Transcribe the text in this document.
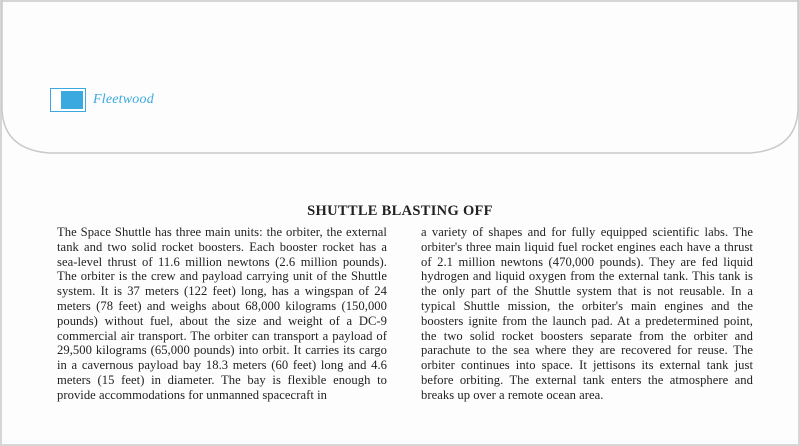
Fleetwood
SHUTTLE BLASTING OFF
The Space Shuttle has three main units: the orbiter, the external tank and two solid rocket boosters. Each booster rocket has a sea-level thrust of 11.6 million newtons (2.6 million pounds). The orbiter is the crew and payload carrying unit of the Shuttle system. It is 37 meters (122 feet) long, has a wingspan of 24 meters (78 feet) and weighs about 68,000 kilograms (150,000 pounds) without fuel, about the size and weight of a DC-9 commercial air transport. The orbiter can transport a payload of 29,500 kilograms (65,000 pounds) into orbit. It carries its cargo in a cavernous payload bay 18.3 meters (60 feet) long and 4.6 meters (15 feet) in diameter. The bay is flexible enough to provide accommodations for unmanned spacecraft in
a variety of shapes and for fully equipped scientific labs. The orbiter's three main liquid fuel rocket engines each have a thrust of 2.1 million newtons (470,000 pounds). They are fed liquid hydrogen and liquid oxygen from the external tank. This tank is the only part of the Shuttle system that is not reusable. In a typical Shuttle mission, the orbiter's main engines and the boosters ignite from the launch pad. At a predetermined point, the two solid rocket boosters separate from the orbiter and parachute to the sea where they are recovered for reuse. The orbiter continues into space. It jettisons its external tank just before orbiting. The external tank enters the atmosphere and breaks up over a remote ocean area.
